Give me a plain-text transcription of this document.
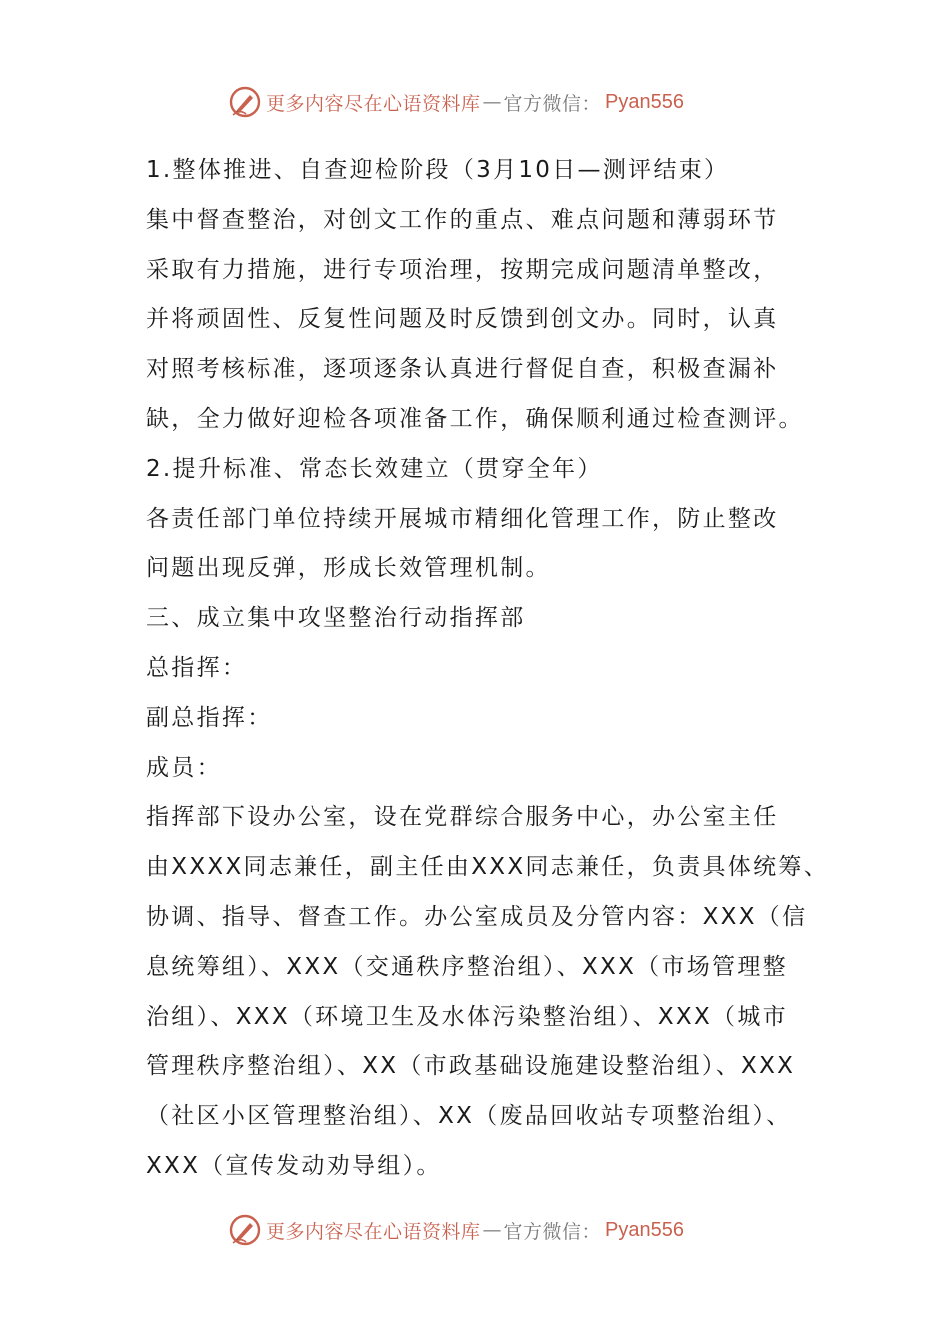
更多内容尽在心语资料库 — 官方微信： Pyan556
1.整体推进、自查迎检阶段（3月10日—测评结束）
集中督查整治，对创文工作的重点、难点问题和薄弱环节
采取有力措施，进行专项治理，按期完成问题清单整改，
并将顽固性、反复性问题及时反馈到创文办。同时，认真
对照考核标准，逐项逐条认真进行督促自查，积极查漏补
缺，全力做好迎检各项准备工作，确保顺利通过检查测评。
2.提升标准、常态长效建立（贯穿全年）
各责任部门单位持续开展城市精细化管理工作，防止整改
问题出现反弹，形成长效管理机制。
三、成立集中攻坚整治行动指挥部
总指挥：
副总指挥：
成员：
指挥部下设办公室，设在党群综合服务中心，办公室主任
由XXXX同志兼任，副主任由XXX同志兼任，负责具体统筹、
协调、指导、督查工作。办公室成员及分管内容：XXX（信
息统筹组）、XXX（交通秩序整治组）、XXX（市场管理整
治组）、XXX（环境卫生及水体污染整治组）、XXX（城市
管理秩序整治组）、XX（市政基础设施建设整治组）、XXX
（社区小区管理整治组）、XX（废品回收站专项整治组）、
XXX（宣传发动劝导组）。
更多内容尽在心语资料库 — 官方微信： Pyan556
